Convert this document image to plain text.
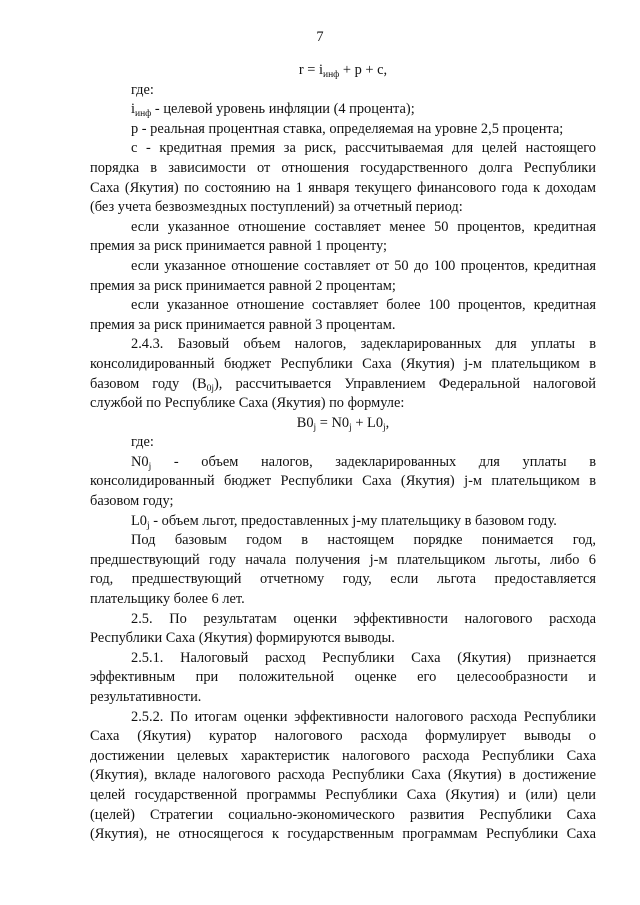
7

$r = i_{инф} + p + c$,

где:

$i_{инф}$ - целевой уровень инфляции (4 процента);

р - реальная процентная ставка, определяемая на уровне 2,5 процента;

с - кредитная премия за риск, рассчитываемая для целей настоящего

порядка в зависимости от отношения государственного долга Республики

Саха (Якутия) по состоянию на 1 января текущего финансового года к доходам

(без учета безвозмездных поступлений) за отчетный период:

если указанное отношение составляет менее 50 процентов, кредитная

премия за риск принимается равной 1 проценту;

если указанное отношение составляет от 50 до 100 процентов, кредитная

премия за риск принимается равной 2 процентам;

если указанное отношение составляет более 100 процентов, кредитная

премия за риск принимается равной 3 процентам.

2.4.3. Базовый объем налогов, задекларированных для уплаты в

консолидированный бюджет Республики Саха (Якутия) j-м плательщиком в

базовом году $(B_{0j})$, рассчитывается Управлением Федеральной налоговой

службой по Республике Саха (Якутия) по формуле:

$B0_j = N0_j + L0_j$,

где:

$N0_j$ - объем налогов, задекларированных для уплаты в

консолидированный бюджет Республики Саха (Якутия) j-м плательщиком в

базовом году;

$L0_j$ - объем льгот, предоставленных j-му плательщику в базовом году.

Под базовым годом в настоящем порядке понимается год,

предшествующий году начала получения j-м плательщиком льготы, либо 6

год, предшествующий отчетному году, если льгота предоставляется

плательщику более 6 лет.

2.5. По результатам оценки эффективности налогового расхода

Республики Саха (Якутия) формируются выводы.

2.5.1. Налоговый расход Республики Саха (Якутия) признается

эффективным при положительной оценке его целесообразности и

результативности.

2.5.2. По итогам оценки эффективности налогового расхода Республики

Саха (Якутия) куратор налогового расхода формулирует выводы о

достижении целевых характеристик налогового расхода Республики Саха

(Якутия), вкладе налогового расхода Республики Саха (Якутия) в достижение

целей государственной программы Республики Саха (Якутия) и (или) цели

(целей) Стратегии социально-экономического развития Республики Саха

(Якутия), не относящегося к государственным программам Республики Саха
